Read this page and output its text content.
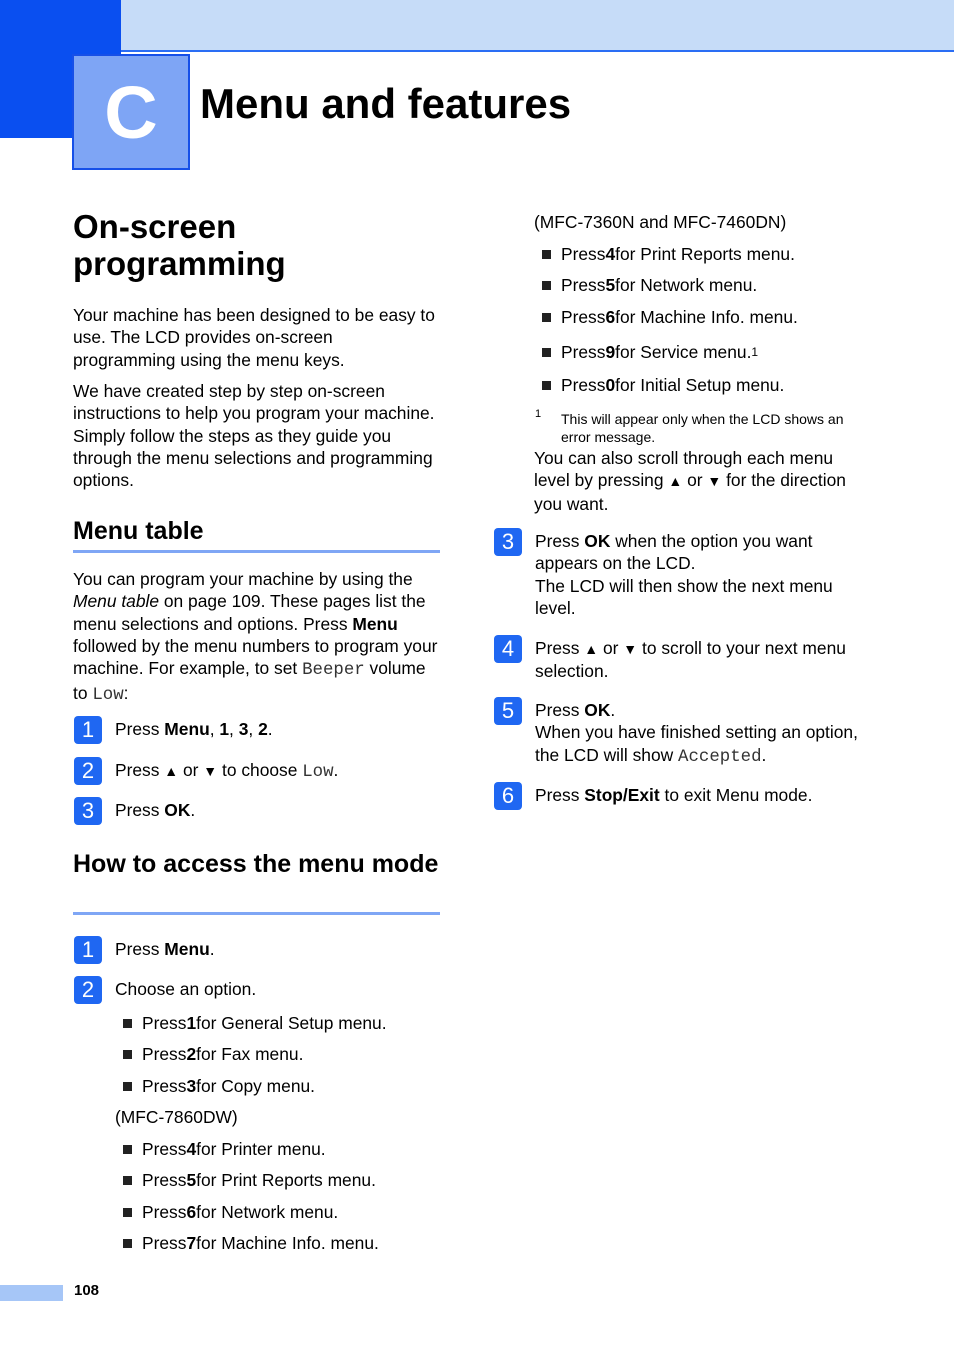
C Menu and features
On-screen programming

Your machine has been designed to be easy to use. The LCD provides on-screen programming using the menu keys.

We have created step by step on-screen instructions to help you program your machine. Simply follow the steps as they guide you through the menu selections and programming options.

Menu table

You can program your machine by using the Menu table on page 109. These pages list the menu selections and options. Press Menu followed by the menu numbers to program your machine. For example, to set Beeper volume to Low:

1	Press Menu, 1, 3, 2.
2	Press ▲ or ▼ to choose Low.
3	Press OK.
How to access the menu mode
1	Press Menu.
2	Choose an option.
Press 1 for General Setup menu.
Press 2 for Fax menu.
Press 3 for Copy menu.
(MFC-7860DW)
Press 4 for Printer menu.
Press 5 for Print Reports menu.
Press 6 for Network menu.
Press 7 for Machine Info. menu.
(MFC-7360N and MFC-7460DN)
Press 4 for Print Reports menu.
Press 5 for Network menu.
Press 6 for Machine Info. menu.
Press 9 for Service menu. 1
Press 0 for Initial Setup menu.
1 This will appear only when the LCD shows an error message.

You can also scroll through each menu level by pressing ▲ or ▼ for the direction you want.

3	Press OK when the option you want appears on the LCD.
The LCD will then show the next menu level.
4	Press ▲ or ▼ to scroll to your next menu selection.
5	Press OK.
When you have finished setting an option, the LCD will show Accepted.
6	Press Stop/Exit to exit Menu mode.
108
